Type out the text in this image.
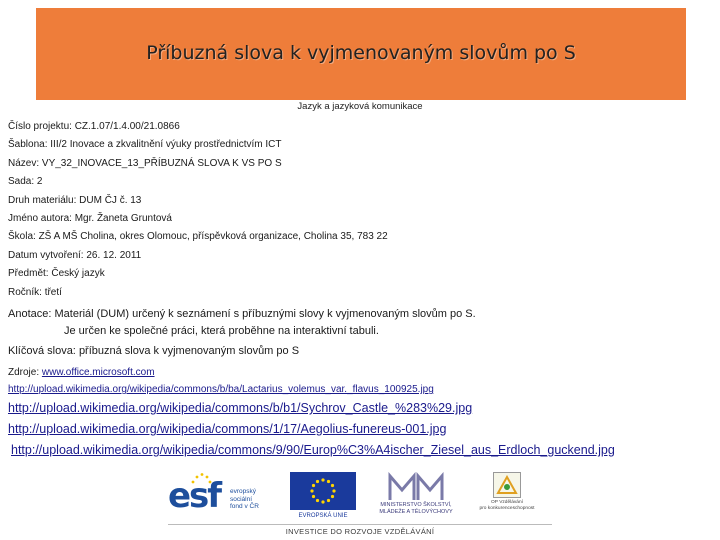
Příbuzná slova k vyjmenovaným slovům po S
Jazyk a jazyková komunikace
Číslo projektu: CZ.1.07/1.4.00/21.0866
Šablona: III/2 Inovace a zkvalitnění výuky prostřednictvím ICT
Název: VY_32_INOVACE_13_PŘÍBUZNÁ SLOVA K VS PO S
Sada: 2
Druh materiálu: DUM ČJ č. 13
Jméno autora: Mgr. Žaneta Gruntová
Škola: ZŠ A MŠ Cholina, okres Olomouc, příspěvková organizace, Cholina 35, 783 22
Datum vytvoření: 26. 12. 2011
Předmět: Český jazyk
Ročník: třetí
Anotace: Materiál (DUM) určený k seznámení s příbuznými slovy k vyjmenovaným slovům po S.
Je určen ke společné práci, která proběhne na interaktivní tabuli.
Klíčová slova: příbuzná slova k vyjmenovaným slovům po S
Zdroje: www.office.microsoft.com
http://upload.wikimedia.org/wikipedia/commons/b/ba/Lactarius_volemus_var._flavus_100925.jpg
http://upload.wikimedia.org/wikipedia/commons/b/b1/Sychrov_Castle_%283%29.jpg
http://upload.wikimedia.org/wikipedia/commons/1/17/Aegolius-funereus-001.jpg
http://upload.wikimedia.org/wikipedia/commons/9/90/Europ%C3%A4ischer_Ziesel_aus_Erdloch_guckend.jpg
esf evropský
sociální
fond v ČR
EVROPSKÁ UNIE
MINISTERSTVO ŠKOLSTVÍ,
MLÁDEŽE A TĚLOVÝCHOVY
OP Vzdělávání
pro konkurenceschopnost
INVESTICE DO ROZVOJE VZDĚLÁVÁNÍ
